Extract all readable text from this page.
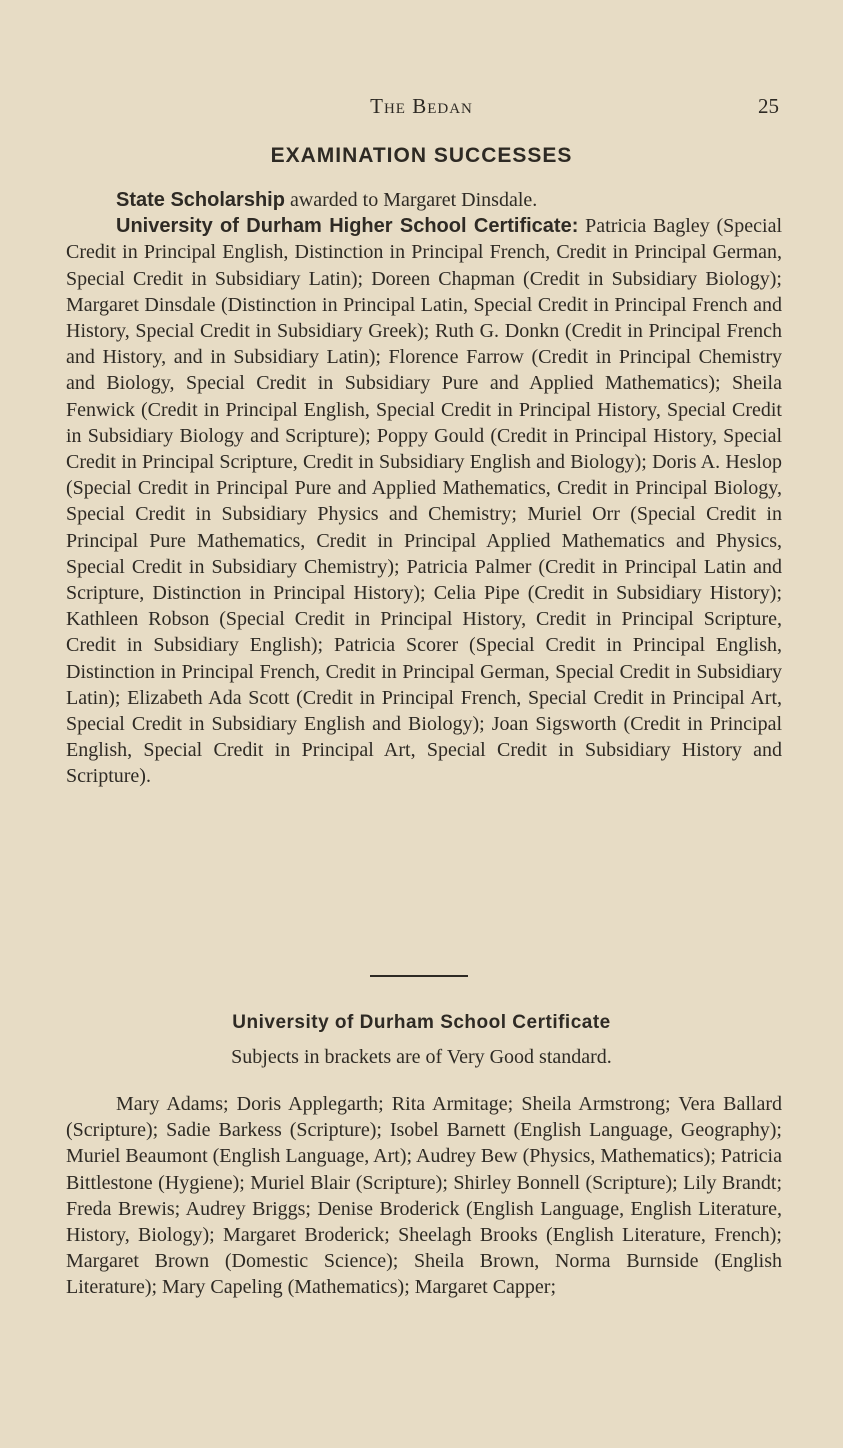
The Bedan	25
EXAMINATION SUCCESSES

State Scholarship awarded to Margaret Dinsdale.

University of Durham Higher School Certificate: Patricia Bagley (Special Credit in Principal English, Distinction in Principal French, Credit in Principal German, Special Credit in Subsidiary Latin); Doreen Chapman (Credit in Subsidiary Biology); Margaret Dinsdale (Distinction in Principal Latin, Special Credit in Principal French and History, Special Credit in Subsidiary Greek); Ruth G. Donkn (Credit in Principal French and History, and in Subsidiary Latin); Florence Farrow (Credit in Principal Chemistry and Biology, Special Credit in Subsidiary Pure and Applied Mathematics); Sheila Fenwick (Credit in Principal English, Special Credit in Principal History, Special Credit in Subsidiary Biology and Scripture); Poppy Gould (Credit in Principal History, Special Credit in Principal Scripture, Credit in Subsidiary English and Biology); Doris A. Heslop (Special Credit in Principal Pure and Applied Mathematics, Credit in Principal Biology, Special Credit in Subsidiary Physics and Chemistry; Muriel Orr (Special Credit in Principal Pure Mathematics, Credit in Principal Applied Mathematics and Physics, Special Credit in Subsidiary Chemistry); Patricia Palmer (Credit in Principal Latin and Scripture, Distinction in Principal History); Celia Pipe (Credit in Subsidiary History); Kathleen Robson (Special Credit in Principal History, Credit in Principal Scripture, Credit in Subsidiary English); Patricia Scorer (Special Credit in Principal English, Distinction in Principal French, Credit in Principal German, Special Credit in Subsidiary Latin); Elizabeth Ada Scott (Credit in Principal French, Special Credit in Principal Art, Special Credit in Subsidiary English and Biology); Joan Sigsworth (Credit in Principal English, Special Credit in Principal Art, Special Credit in Subsidiary History and Scripture).

University of Durham School Certificate
Subjects in brackets are of Very Good standard.

Mary Adams; Doris Applegarth; Rita Armitage; Sheila Armstrong; Vera Ballard (Scripture); Sadie Barkess (Scripture); Isobel Barnett (English Language, Geography); Muriel Beaumont (English Language, Art); Audrey Bew (Physics, Mathematics); Patricia Bittlestone (Hygiene); Muriel Blair (Scripture); Shirley Bonnell (Scripture); Lily Brandt; Freda Brewis; Audrey Briggs; Denise Broderick (English Language, English Literature, History, Biology); Margaret Broderick; Sheelagh Brooks (English Literature, French); Margaret Brown (Domestic Science); Sheila Brown, Norma Burnside (English Literature); Mary Capeling (Mathematics); Margaret Capper;
